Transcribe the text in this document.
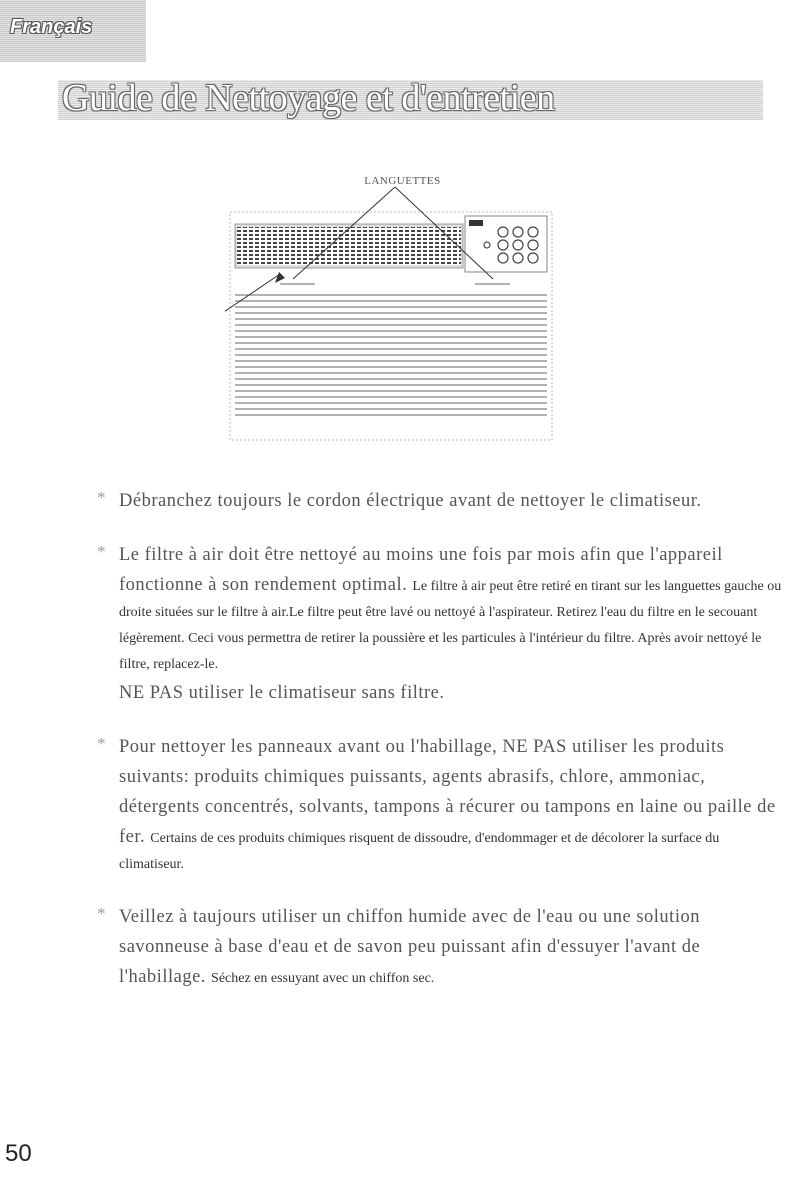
Français
Guide de Nettoyage et d'entretien
LANGUETTES
* Débranchez toujours le cordon électrique avant de nettoyer le climatiseur.
* Le filtre à air doit être nettoyé au moins une fois par mois afin que l'appareil fonctionne à son rendement optimal. Le filtre à air peut être retiré en tirant sur les languettes gauche ou droite situées sur le filtre à air.Le filtre peut être lavé ou nettoyé à l'aspirateur. Retirez l'eau du filtre en le secouant légèrement. Ceci vous permettra de retirer la poussière et les particules à l'intérieur du filtre. Après avoir nettoyé le filtre, replacez-le.
NE PAS utiliser le climatiseur sans filtre.
* Pour nettoyer les panneaux avant ou l'habillage, NE PAS utiliser les produits suivants: produits chimiques puissants, agents abrasifs, chlore, ammoniac, détergents concentrés, solvants, tampons à récurer ou tampons en laine ou paille de fer. Certains de ces produits chimiques risquent de dissoudre, d'endommager et de décolorer la surface du climatiseur.
* Veillez à taujours utiliser un chiffon humide avec de l'eau ou une solution savonneuse à base d'eau et de savon peu puissant afin d'essuyer l'avant de l'habillage. Séchez en essuyant avec un chiffon sec.
50
